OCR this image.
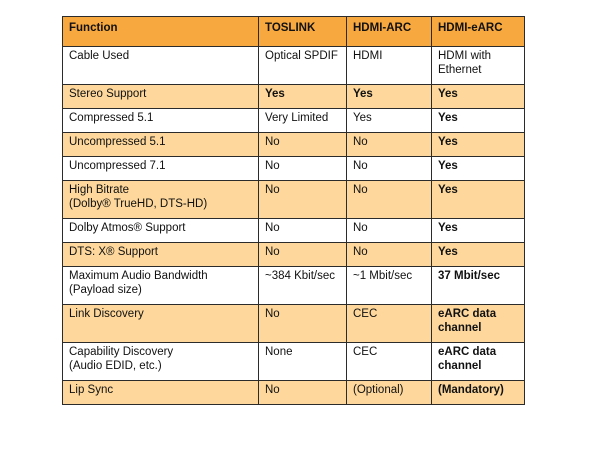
Function	TOSLINK	HDMI-ARC	HDMI-eARC
Cable Used	Optical SPDIF	HDMI	HDMI with
Ethernet
Stereo Support	Yes	Yes	Yes
Compressed 5.1	Very Limited	Yes	Yes
Uncompressed 5.1	No	No	Yes
Uncompressed 7.1	No	No	Yes
High Bitrate
(Dolby® TrueHD, DTS-HD)	No	No	Yes
Dolby Atmos® Support	No	No	Yes
DTS: X® Support	No	No	Yes
Maximum Audio Bandwidth
(Payload size)	~384 Kbit/sec	~1 Mbit/sec	37 Mbit/sec
Link Discovery	No	CEC	eARC data
channel
Capability Discovery
(Audio EDID, etc.)	None	CEC	eARC data
channel
Lip Sync	No	(Optional)	(Mandatory)
